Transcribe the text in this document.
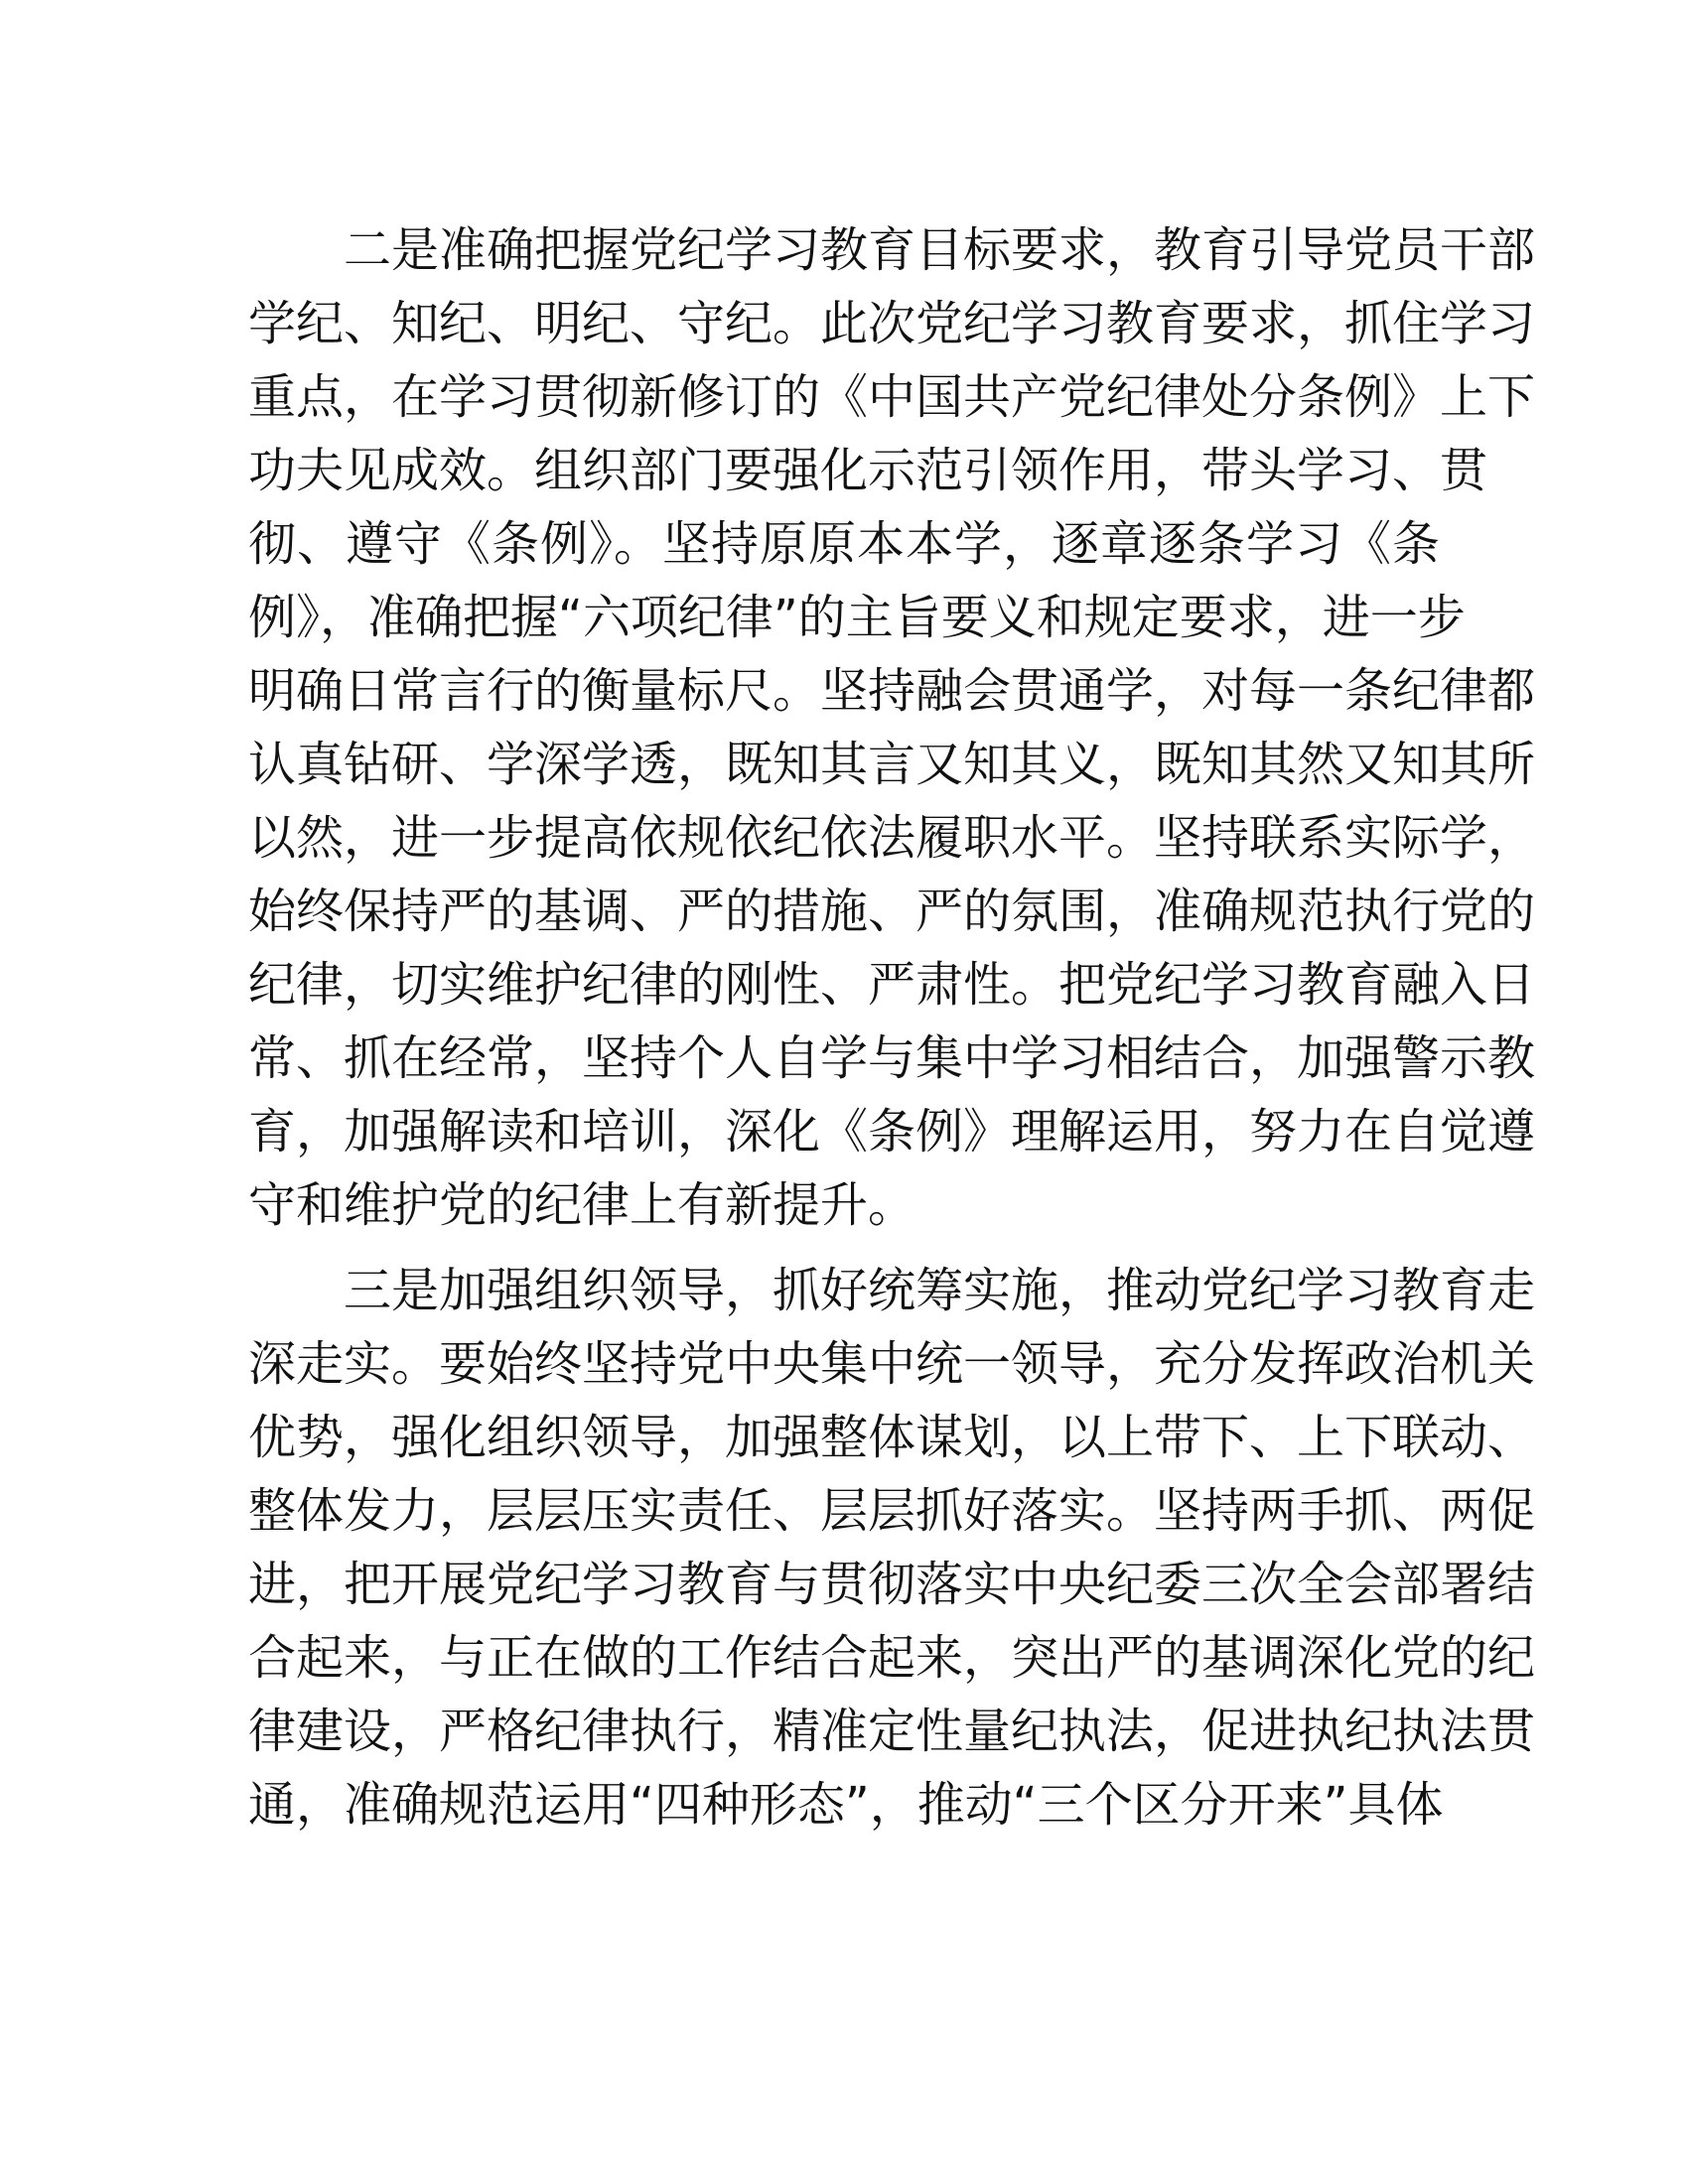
二是准确把握党纪学习教育目标要求，教育引导党员干部
学纪、知纪、明纪、守纪。此次党纪学习教育要求，抓住学习
重点，在学习贯彻新修订的《中国共产党纪律处分条例》上下
功夫见成效。组织部门要强化示范引领作用，带头学习、贯
彻、遵守《条例》。坚持原原本本学，逐章逐条学习《条
例》，准确把握“六项纪律”的主旨要义和规定要求，进一步
明确日常言行的衡量标尺。坚持融会贯通学，对每一条纪律都
认真钻研、学深学透，既知其言又知其义，既知其然又知其所
以然，进一步提高依规依纪依法履职水平。坚持联系实际学，
始终保持严的基调、严的措施、严的氛围，准确规范执行党的
纪律，切实维护纪律的刚性、严肃性。把党纪学习教育融入日
常、抓在经常，坚持个人自学与集中学习相结合，加强警示教
育，加强解读和培训，深化《条例》理解运用，努力在自觉遵
守和维护党的纪律上有新提升。

三是加强组织领导，抓好统筹实施，推动党纪学习教育走
深走实。要始终坚持党中央集中统一领导，充分发挥政治机关
优势，强化组织领导，加强整体谋划，以上带下、上下联动、
整体发力，层层压实责任、层层抓好落实。坚持两手抓、两促
进，把开展党纪学习教育与贯彻落实中央纪委三次全会部署结
合起来，与正在做的工作结合起来，突出严的基调深化党的纪
律建设，严格纪律执行，精准定性量纪执法，促进执纪执法贯
通，准确规范运用“四种形态”，推动“三个区分开来”具体
